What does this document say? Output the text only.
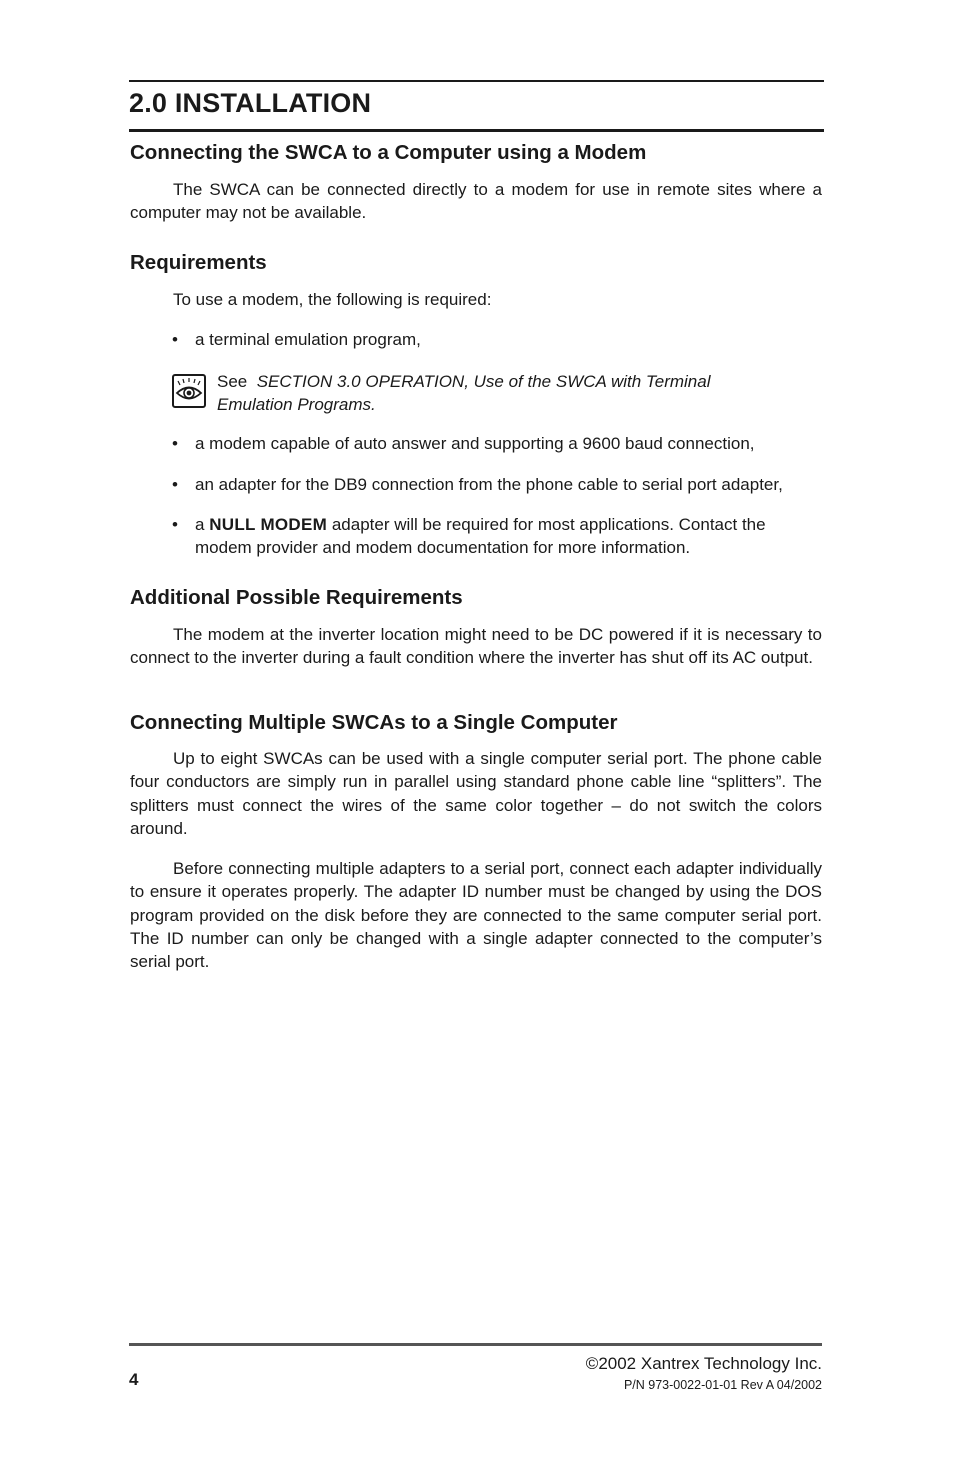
2.0 INSTALLATION
Connecting the SWCA to a Computer using a Modem

The SWCA can be connected directly to a modem for use in remote sites where a computer may not be available.

Requirements

To use a modem, the following is required:

•	a terminal emulation program,

See SECTION 3.0 OPERATION, Use of the SWCA with Terminal Emulation Programs.

•	a modem capable of auto answer and supporting a 9600 baud connection,
•	an adapter for the DB9 connection from the phone cable to serial port adapter,
•	a NULL MODEM adapter will be required for most applications. Contact the modem provider and modem documentation for more information.
Additional Possible Requirements

The modem at the inverter location might need to be DC powered if it is necessary to connect to the inverter during a fault condition where the inverter has shut off its AC output.

Connecting Multiple SWCAs to a Single Computer

Up to eight SWCAs can be used with a single computer serial port. The phone cable four conductors are simply run in parallel using standard phone cable line “splitters”. The splitters must connect the wires of the same color together – do not switch the colors around.

Before connecting multiple adapters to a serial port, connect each adapter individually to ensure it operates properly. The adapter ID number must be changed by using the DOS program provided on the disk before they are connected to the same computer serial port. The ID number can only be changed with a single adapter connected to the computer’s serial port.

4
©2002 Xantrex Technology Inc.
P/N 973-0022-01-01 Rev A 04/2002
